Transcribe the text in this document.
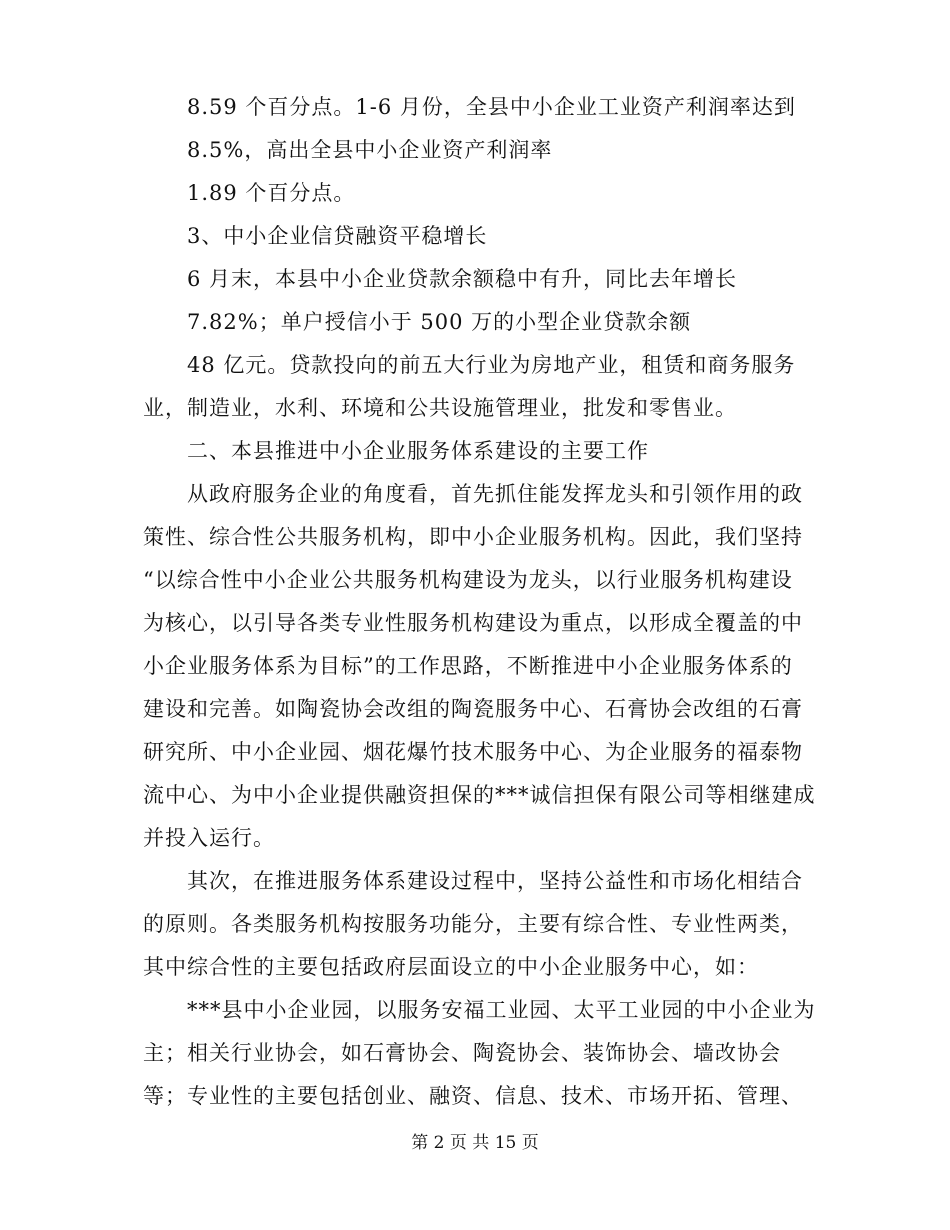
8.59 个百分点。1-6 月份，全县中小企业工业资产利润率达到
8.5%，高出全县中小企业资产利润率
1.89 个百分点。
3、中小企业信贷融资平稳增长
6 月末，本县中小企业贷款余额稳中有升，同比去年增长
7.82%；单户授信小于 500 万的小型企业贷款余额
48 亿元。贷款投向的前五大行业为房地产业，租赁和商务服务
业，制造业，水利、环境和公共设施管理业，批发和零售业。
二、本县推进中小企业服务体系建设的主要工作
从政府服务企业的角度看，首先抓住能发挥龙头和引领作用的政
策性、综合性公共服务机构，即中小企业服务机构。因此，我们坚持
“以综合性中小企业公共服务机构建设为龙头，以行业服务机构建设
为核心，以引导各类专业性服务机构建设为重点，以形成全覆盖的中
小企业服务体系为目标”的工作思路，不断推进中小企业服务体系的
建设和完善。如陶瓷协会改组的陶瓷服务中心、石膏协会改组的石膏
研究所、中小企业园、烟花爆竹技术服务中心、为企业服务的福泰物
流中心、为中小企业提供融资担保的***诚信担保有限公司等相继建成
并投入运行。
其次，在推进服务体系建设过程中，坚持公益性和市场化相结合
的原则。各类服务机构按服务功能分，主要有综合性、专业性两类，
其中综合性的主要包括政府层面设立的中小企业服务中心，如：
***县中小企业园，以服务安福工业园、太平工业园的中小企业为
主；相关行业协会，如石膏协会、陶瓷协会、装饰协会、墙改协会
等；专业性的主要包括创业、融资、信息、技术、市场开拓、管理、
第 2 页 共 15 页
